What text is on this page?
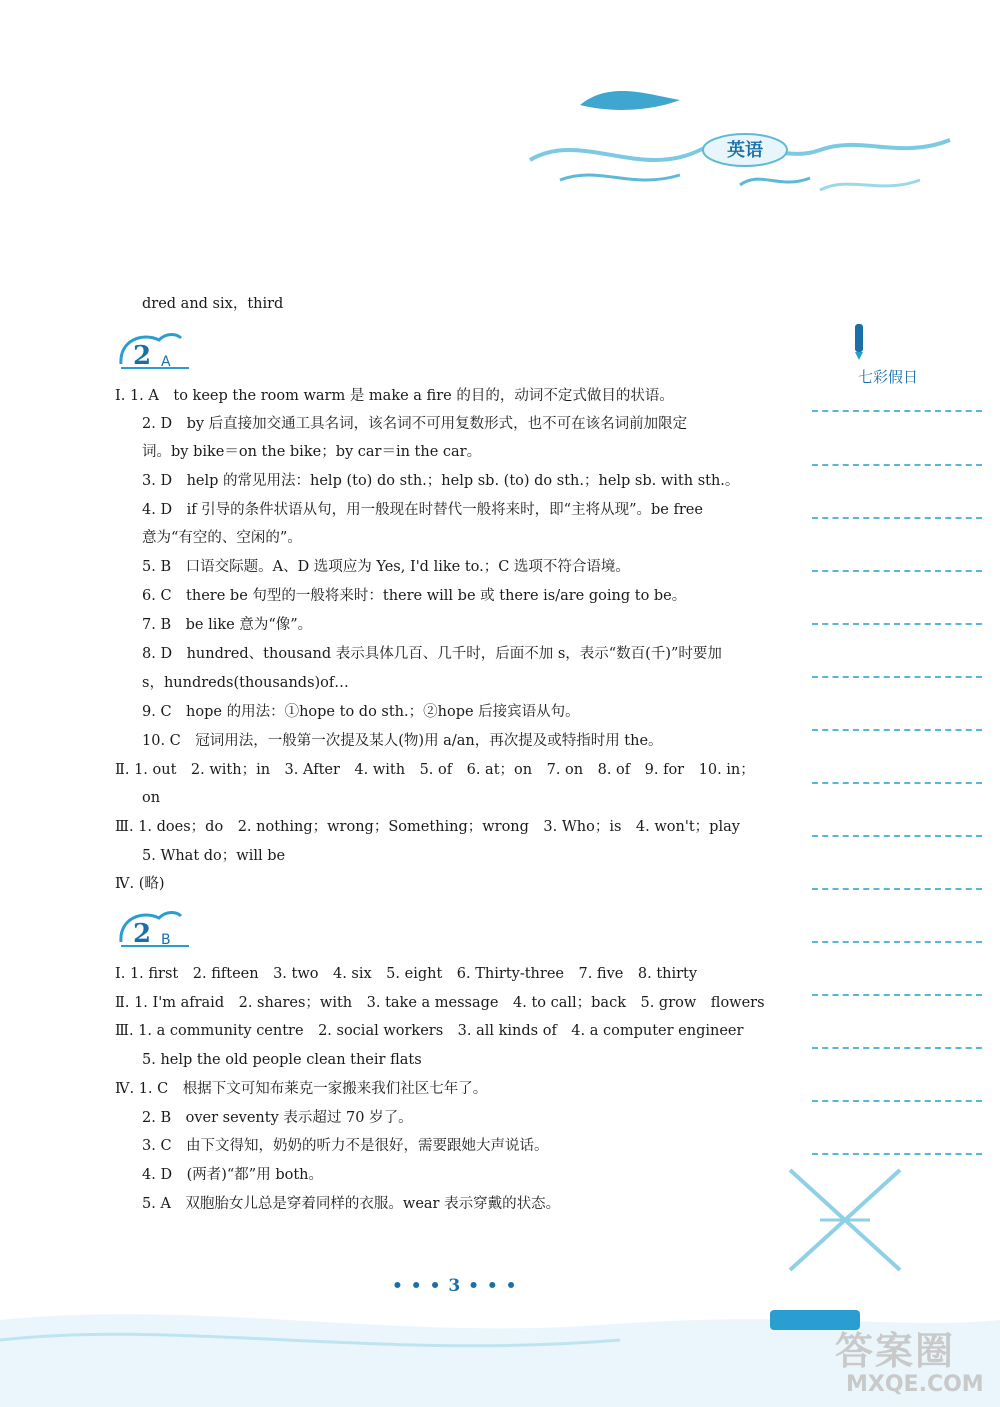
英语
七彩假日
dred and six，third
2 A
Ⅰ. 1. A　to keep the room warm 是 make a fire 的目的，动词不定式做目的状语。
2. D　by 后直接加交通工具名词，该名词不可用复数形式，也不可在该名词前加限定
词。by bike＝on the bike；by car＝in the car。
3. D　help 的常见用法：help (to) do sth.；help sb. (to) do sth.；help sb. with sth.。
4. D　if 引导的条件状语从句，用一般现在时替代一般将来时，即“主将从现”。be free
意为“有空的、空闲的”。
5. B　口语交际题。A、D 选项应为 Yes, I'd like to.；C 选项不符合语境。
6. C　there be 句型的一般将来时：there will be 或 there is/are going to be。
7. B　be like 意为“像”。
8. D　hundred、thousand 表示具体几百、几千时，后面不加 s，表示“数百(千)”时要加
s，hundreds(thousands)of…
9. C　hope 的用法：①hope to do sth.；②hope 后接宾语从句。
10. C　冠词用法，一般第一次提及某人(物)用 a/an，再次提及或特指时用 the。
Ⅱ. 1. out　2. with；in　3. After　4. with　5. of　6. at；on　7. on　8. of　9. for　10. in；
on
Ⅲ. 1. does；do　2. nothing；wrong；Something；wrong　3. Who；is　4. won't；play
5. What do；will be
Ⅳ. (略)
2 B
Ⅰ. 1. first　2. fifteen　3. two　4. six　5. eight　6. Thirty-three　7. five　8. thirty
Ⅱ. 1. I'm afraid　2. shares；with　3. take a message　4. to call；back　5. grow　flowers
Ⅲ. 1. a community centre　2. social workers　3. all kinds of　4. a computer engineer
5. help the old people clean their flats
Ⅳ. 1. C　根据下文可知布莱克一家搬来我们社区七年了。
2. B　over seventy 表示超过 70 岁了。
3. C　由下文得知，奶奶的听力不是很好，需要跟她大声说话。
4. D　(两者)“都”用 both。
5. A　双胞胎女儿总是穿着同样的衣服。wear 表示穿戴的状态。
• • • 3 • • •
答案圈
MXQE.COM
